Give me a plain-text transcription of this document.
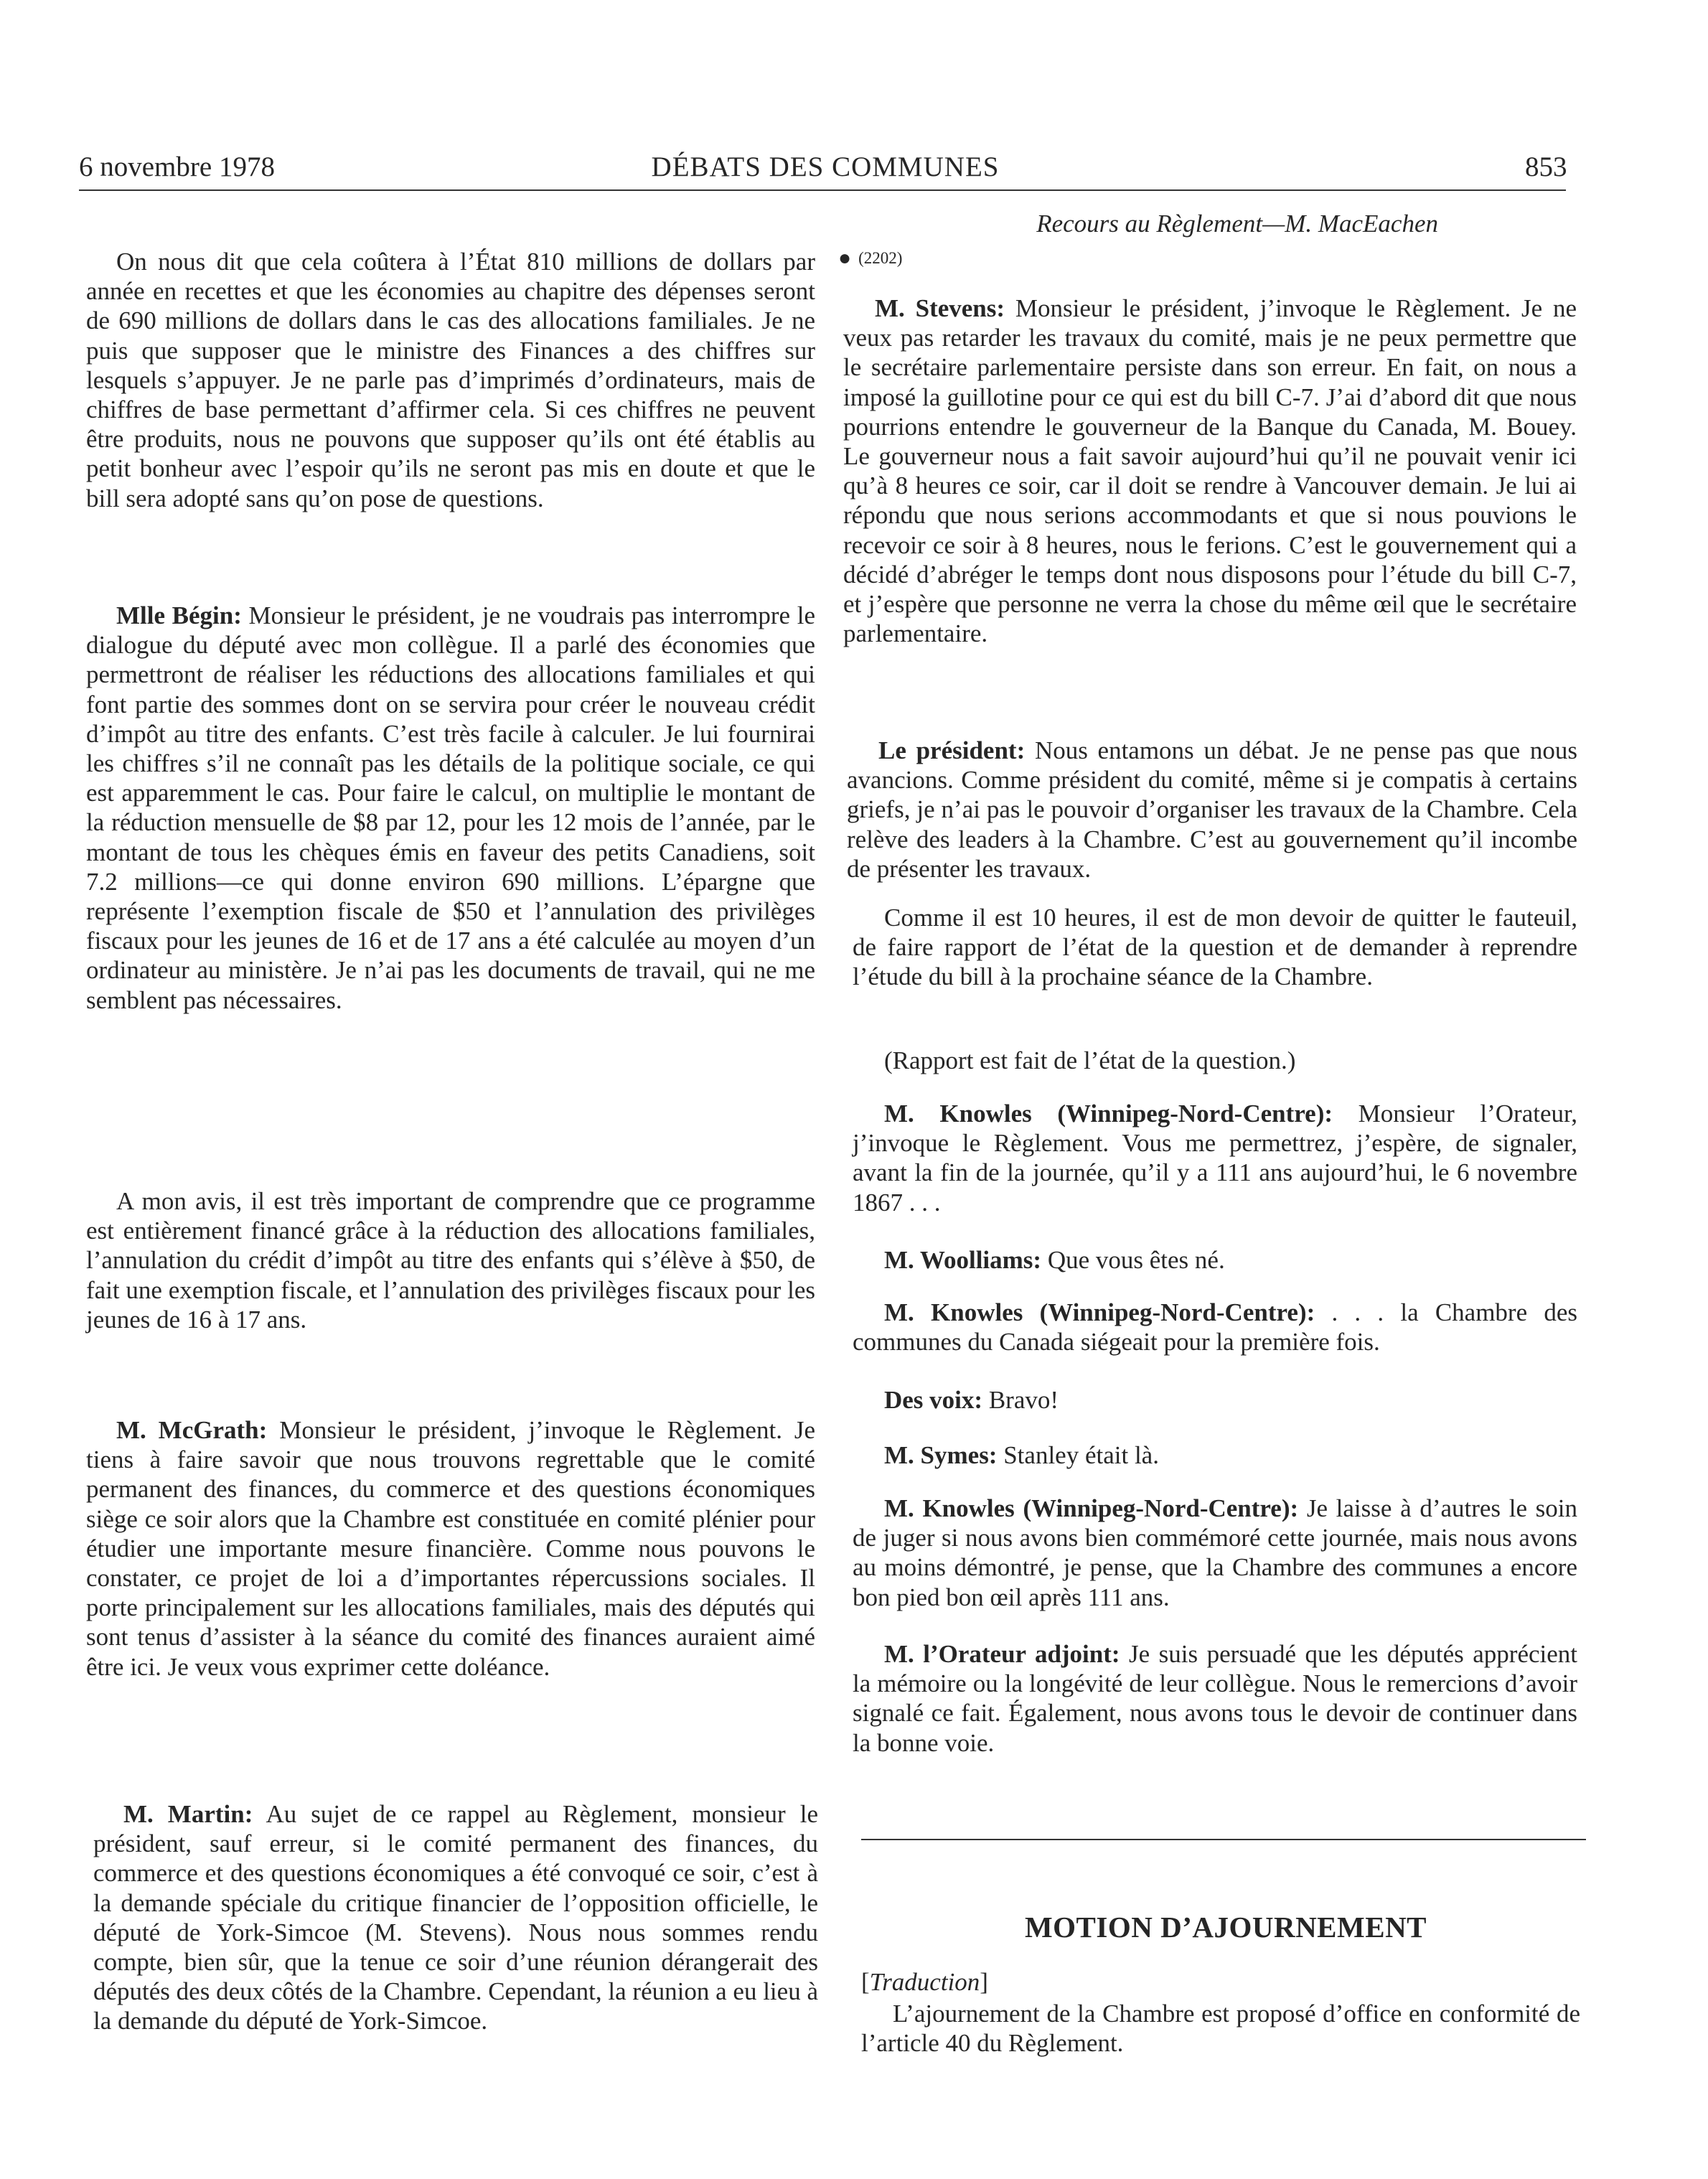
6 novembre 1978	DÉBATS DES COMMUNES	853
Recours au Règlement—M. MacEachen
● (2202)

On nous dit que cela coûtera à l’État 810 millions de dollars par année en recettes et que les économies au chapitre des dépenses seront de 690 millions de dollars dans le cas des allocations familiales. Je ne puis que supposer que le ministre des Finances a des chiffres sur lesquels s’appuyer. Je ne parle pas d’imprimés d’ordinateurs, mais de chiffres de base permettant d’affirmer cela. Si ces chiffres ne peuvent être produits, nous ne pouvons que supposer qu’ils ont été établis au petit bonheur avec l’espoir qu’ils ne seront pas mis en doute et que le bill sera adopté sans qu’on pose de questions.

Mlle Bégin: Monsieur le président, je ne voudrais pas interrompre le dialogue du député avec mon collègue. Il a parlé des économies que permettront de réaliser les réductions des allocations familiales et qui font partie des sommes dont on se servira pour créer le nouveau crédit d’impôt au titre des enfants. C’est très facile à calculer. Je lui fournirai les chiffres s’il ne connaît pas les détails de la politique sociale, ce qui est apparemment le cas. Pour faire le calcul, on multiplie le montant de la réduction mensuelle de $8 par 12, pour les 12 mois de l’année, par le montant de tous les chèques émis en faveur des petits Canadiens, soit 7.2 millions—ce qui donne environ 690 millions. L’épargne que représente l’exemption fiscale de $50 et l’annulation des privilèges fiscaux pour les jeunes de 16 et de 17 ans a été calculée au moyen d’un ordinateur au ministère. Je n’ai pas les documents de travail, qui ne me semblent pas nécessaires.

A mon avis, il est très important de comprendre que ce programme est entièrement financé grâce à la réduction des allocations familiales, l’annulation du crédit d’impôt au titre des enfants qui s’élève à $50, de fait une exemption fiscale, et l’annulation des privilèges fiscaux pour les jeunes de 16 à 17 ans.

M. McGrath: Monsieur le président, j’invoque le Règlement. Je tiens à faire savoir que nous trouvons regrettable que le comité permanent des finances, du commerce et des questions économiques siège ce soir alors que la Chambre est constituée en comité plénier pour étudier une importante mesure financière. Comme nous pouvons le constater, ce projet de loi a d’importantes répercussions sociales. Il porte principalement sur les allocations familiales, mais des députés qui sont tenus d’assister à la séance du comité des finances auraient aimé être ici. Je veux vous exprimer cette doléance.

M. Martin: Au sujet de ce rappel au Règlement, monsieur le président, sauf erreur, si le comité permanent des finances, du commerce et des questions économiques a été convoqué ce soir, c’est à la demande spéciale du critique financier de l’opposition officielle, le député de York-Simcoe (M. Stevens). Nous nous sommes rendu compte, bien sûr, que la tenue ce soir d’une réunion dérangerait des députés des deux côtés de la Chambre. Cependant, la réunion a eu lieu à la demande du député de York-Simcoe.

M. Stevens: Monsieur le président, j’invoque le Règlement. Je ne veux pas retarder les travaux du comité, mais je ne peux permettre que le secrétaire parlementaire persiste dans son erreur. En fait, on nous a imposé la guillotine pour ce qui est du bill C-7. J’ai d’abord dit que nous pourrions entendre le gouverneur de la Banque du Canada, M. Bouey. Le gouverneur nous a fait savoir aujourd’hui qu’il ne pouvait venir ici qu’à 8 heures ce soir, car il doit se rendre à Vancouver demain. Je lui ai répondu que nous serions accommodants et que si nous pouvions le recevoir ce soir à 8 heures, nous le ferions. C’est le gouvernement qui a décidé d’abréger le temps dont nous disposons pour l’étude du bill C-7, et j’espère que personne ne verra la chose du même œil que le secrétaire parlementaire.

Le président: Nous entamons un débat. Je ne pense pas que nous avancions. Comme président du comité, même si je compatis à certains griefs, je n’ai pas le pouvoir d’organiser les travaux de la Chambre. Cela relève des leaders à la Chambre. C’est au gouvernement qu’il incombe de présenter les travaux.

Comme il est 10 heures, il est de mon devoir de quitter le fauteuil, de faire rapport de l’état de la question et de demander à reprendre l’étude du bill à la prochaine séance de la Chambre.

(Rapport est fait de l’état de la question.)

M. Knowles (Winnipeg-Nord-Centre): Monsieur l’Orateur, j’invoque le Règlement. Vous me permettrez, j’espère, de signaler, avant la fin de la journée, qu’il y a 111 ans aujourd’hui, le 6 novembre 1867 . . .

M. Woolliams: Que vous êtes né.

M. Knowles (Winnipeg-Nord-Centre): . . . la Chambre des communes du Canada siégeait pour la première fois.

Des voix: Bravo!

M. Symes: Stanley était là.

M. Knowles (Winnipeg-Nord-Centre): Je laisse à d’autres le soin de juger si nous avons bien commémoré cette journée, mais nous avons au moins démontré, je pense, que la Chambre des communes a encore bon pied bon œil après 111 ans.

M. l’Orateur adjoint: Je suis persuadé que les députés apprécient la mémoire ou la longévité de leur collègue. Nous le remercions d’avoir signalé ce fait. Également, nous avons tous le devoir de continuer dans la bonne voie.

MOTION D’AJOURNEMENT
[Traduction]

L’ajournement de la Chambre est proposé d’office en conformité de l’article 40 du Règlement.
